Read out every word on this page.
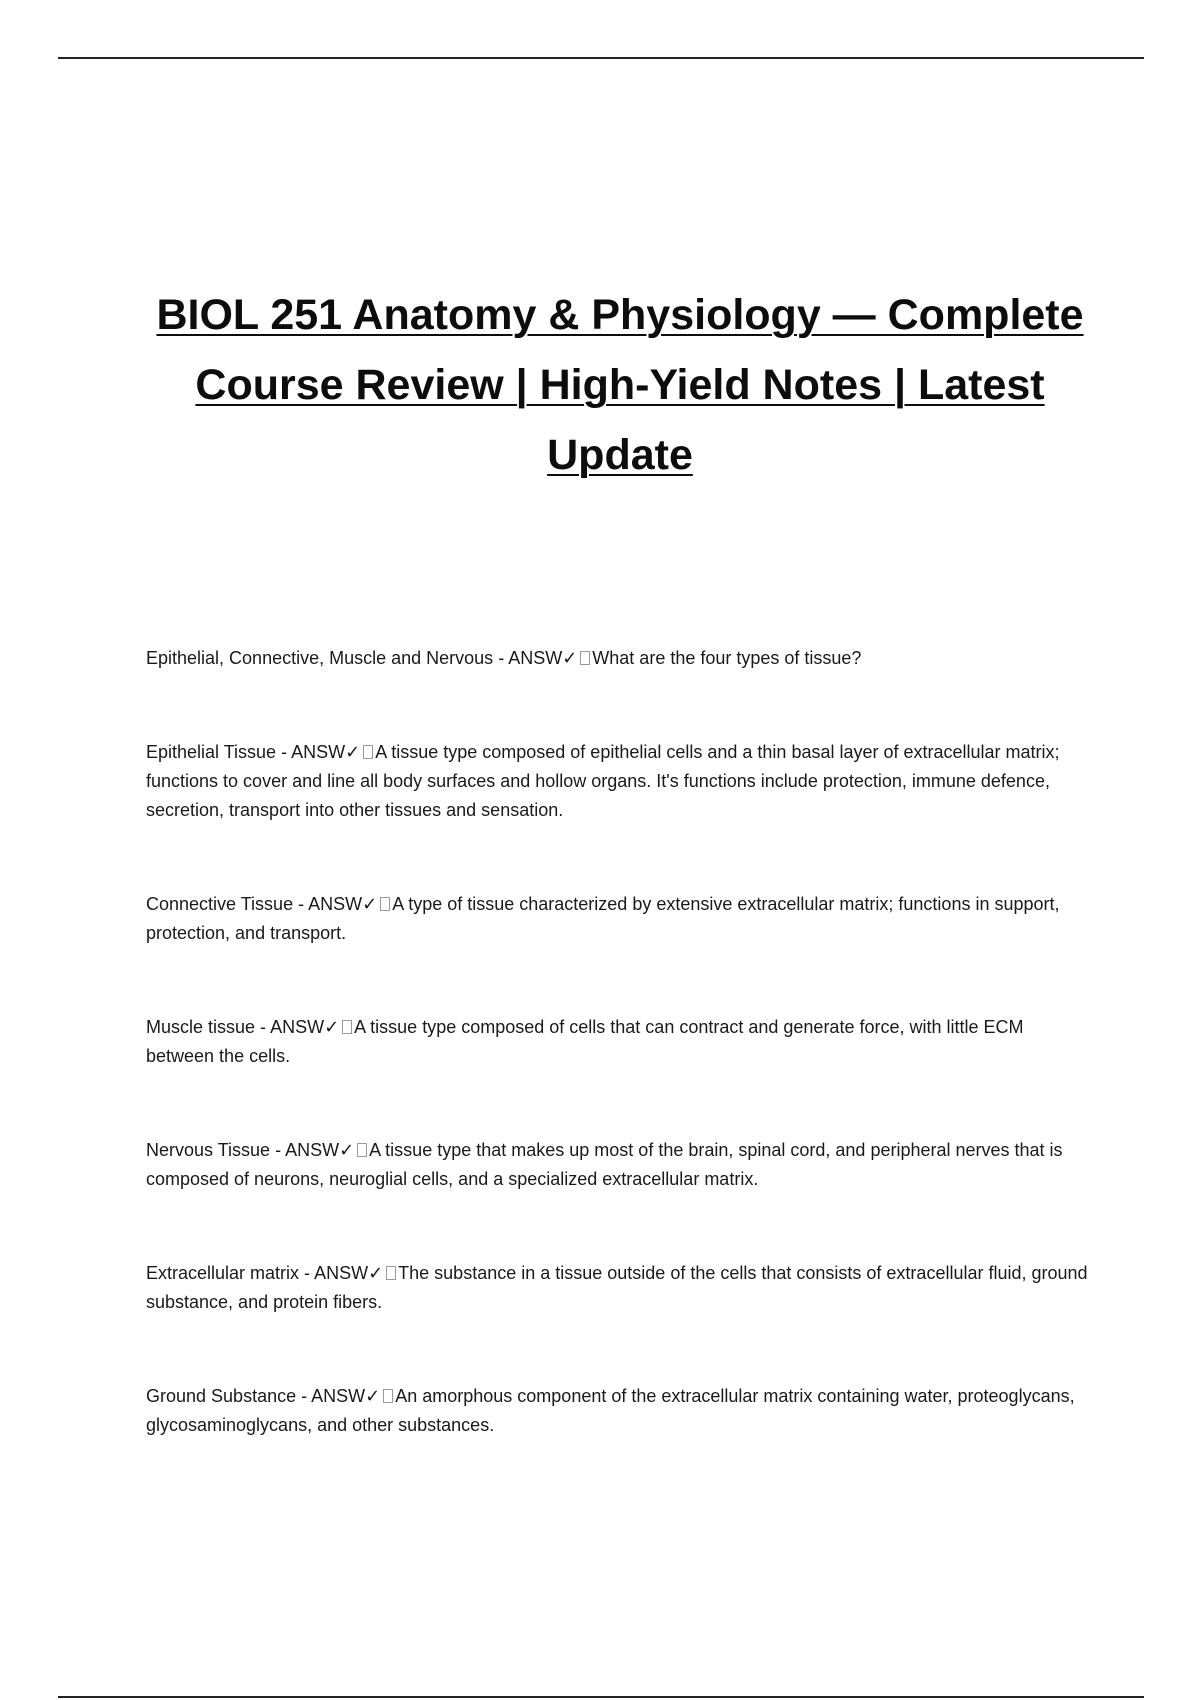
BIOL 251 Anatomy & Physiology — Complete Course Review | High-Yield Notes | Latest Update

Epithelial, Connective, Muscle and Nervous - ANSW✓ What are the four types of tissue?

Epithelial Tissue - ANSW✓ A tissue type composed of epithelial cells and a thin basal layer of extracellular matrix; functions to cover and line all body surfaces and hollow organs. It's functions include protection, immune defence, secretion, transport into other tissues and sensation.

Connective Tissue - ANSW✓ A type of tissue characterized by extensive extracellular matrix; functions in support, protection, and transport.

Muscle tissue - ANSW✓ A tissue type composed of cells that can contract and generate force, with little ECM between the cells.

Nervous Tissue - ANSW✓ A tissue type that makes up most of the brain, spinal cord, and peripheral nerves that is composed of neurons, neuroglial cells, and a specialized extracellular matrix.

Extracellular matrix - ANSW✓ The substance in a tissue outside of the cells that consists of extracellular fluid, ground substance, and protein fibers.

Ground Substance - ANSW✓ An amorphous component of the extracellular matrix containing water, proteoglycans, glycosaminoglycans, and other substances.
